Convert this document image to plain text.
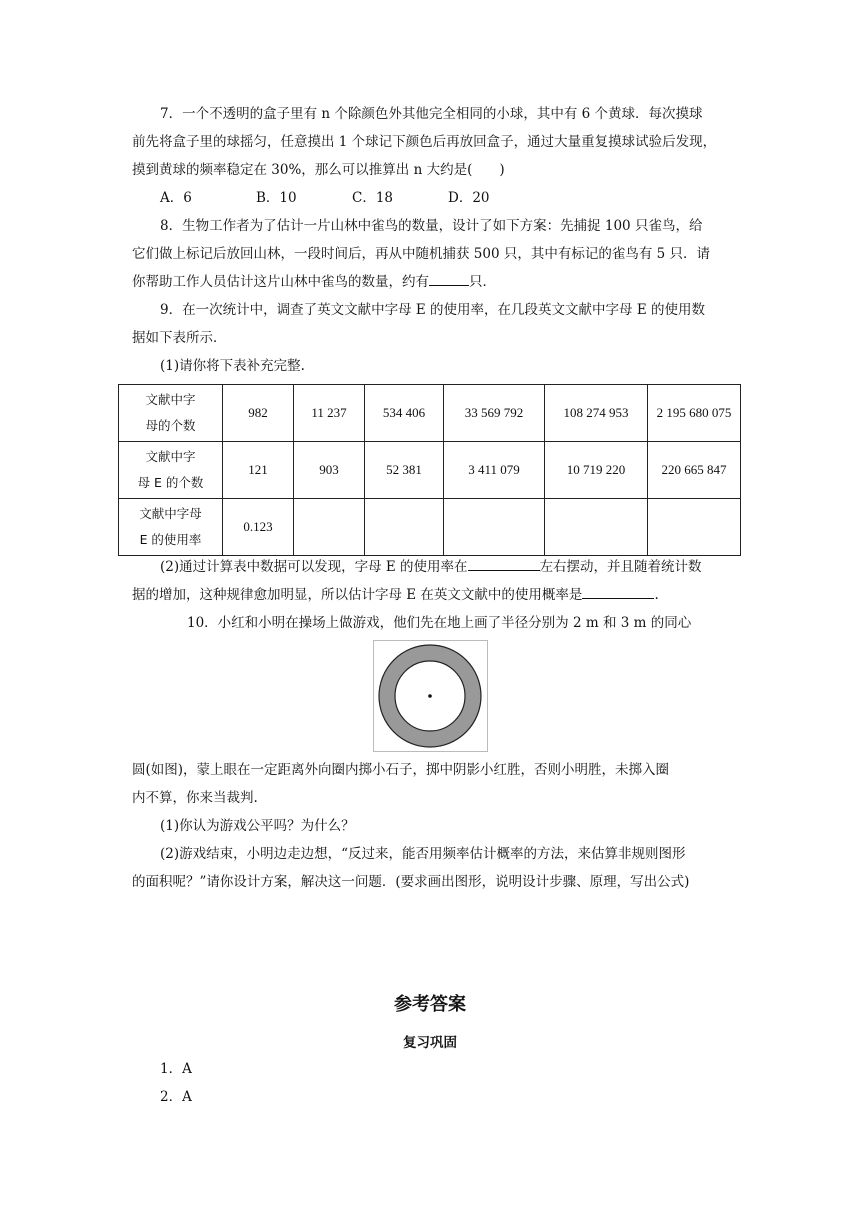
7．一个不透明的盒子里有 n 个除颜色外其他完全相同的小球，其中有 6 个黄球．每次摸球
前先将盒子里的球摇匀，任意摸出 1 个球记下颜色后再放回盒子，通过大量重复摸球试验后发现，
摸到黄球的频率稳定在 30%，那么可以推算出 n 大约是(　　)
A．6	B．10	C．18	D．20
8．生物工作者为了估计一片山林中雀鸟的数量，设计了如下方案：先捕捉 100 只雀鸟，给
它们做上标记后放回山林，一段时间后，再从中随机捕获 500 只，其中有标记的雀鸟有 5 只．请
你帮助工作人员估计这片山林中雀鸟的数量，约有	只．
9．在一次统计中，调查了英文文献中字母 E 的使用率，在几段英文文献中字母 E 的使用数
据如下表所示．
(1)请你将下表补充完整.
文献中字
母的个数	982	11 237	534 406	33 569 792	108 274 953	2 195 680 075

文献中字
母 E 的个数	121	903	52 381	3 411 079	10 719 220	220 665 847

文献中字母
E 的使用率	0.123					
(2)通过计算表中数据可以发现，字母 E 的使用率在	左右摆动，并且随着统计数
据的增加，这种规律愈加明显，所以估计字母 E 在英文文献中的使用概率是	.
10．小红和小明在操场上做游戏，他们先在地上画了半径分别为 2 m 和 3 m 的同心
圆(如图)，蒙上眼在一定距离外向圈内掷小石子，掷中阴影小红胜，否则小明胜，未掷入圈
内不算，你来当裁判.
(1)你认为游戏公平吗？为什么？
(2)游戏结束，小明边走边想，“反过来，能否用频率估计概率的方法，来估算非规则图形
的面积呢？”请你设计方案，解决这一问题．(要求画出图形，说明设计步骤、原理，写出公式)
参考答案
复习巩固
1．A
2．A
